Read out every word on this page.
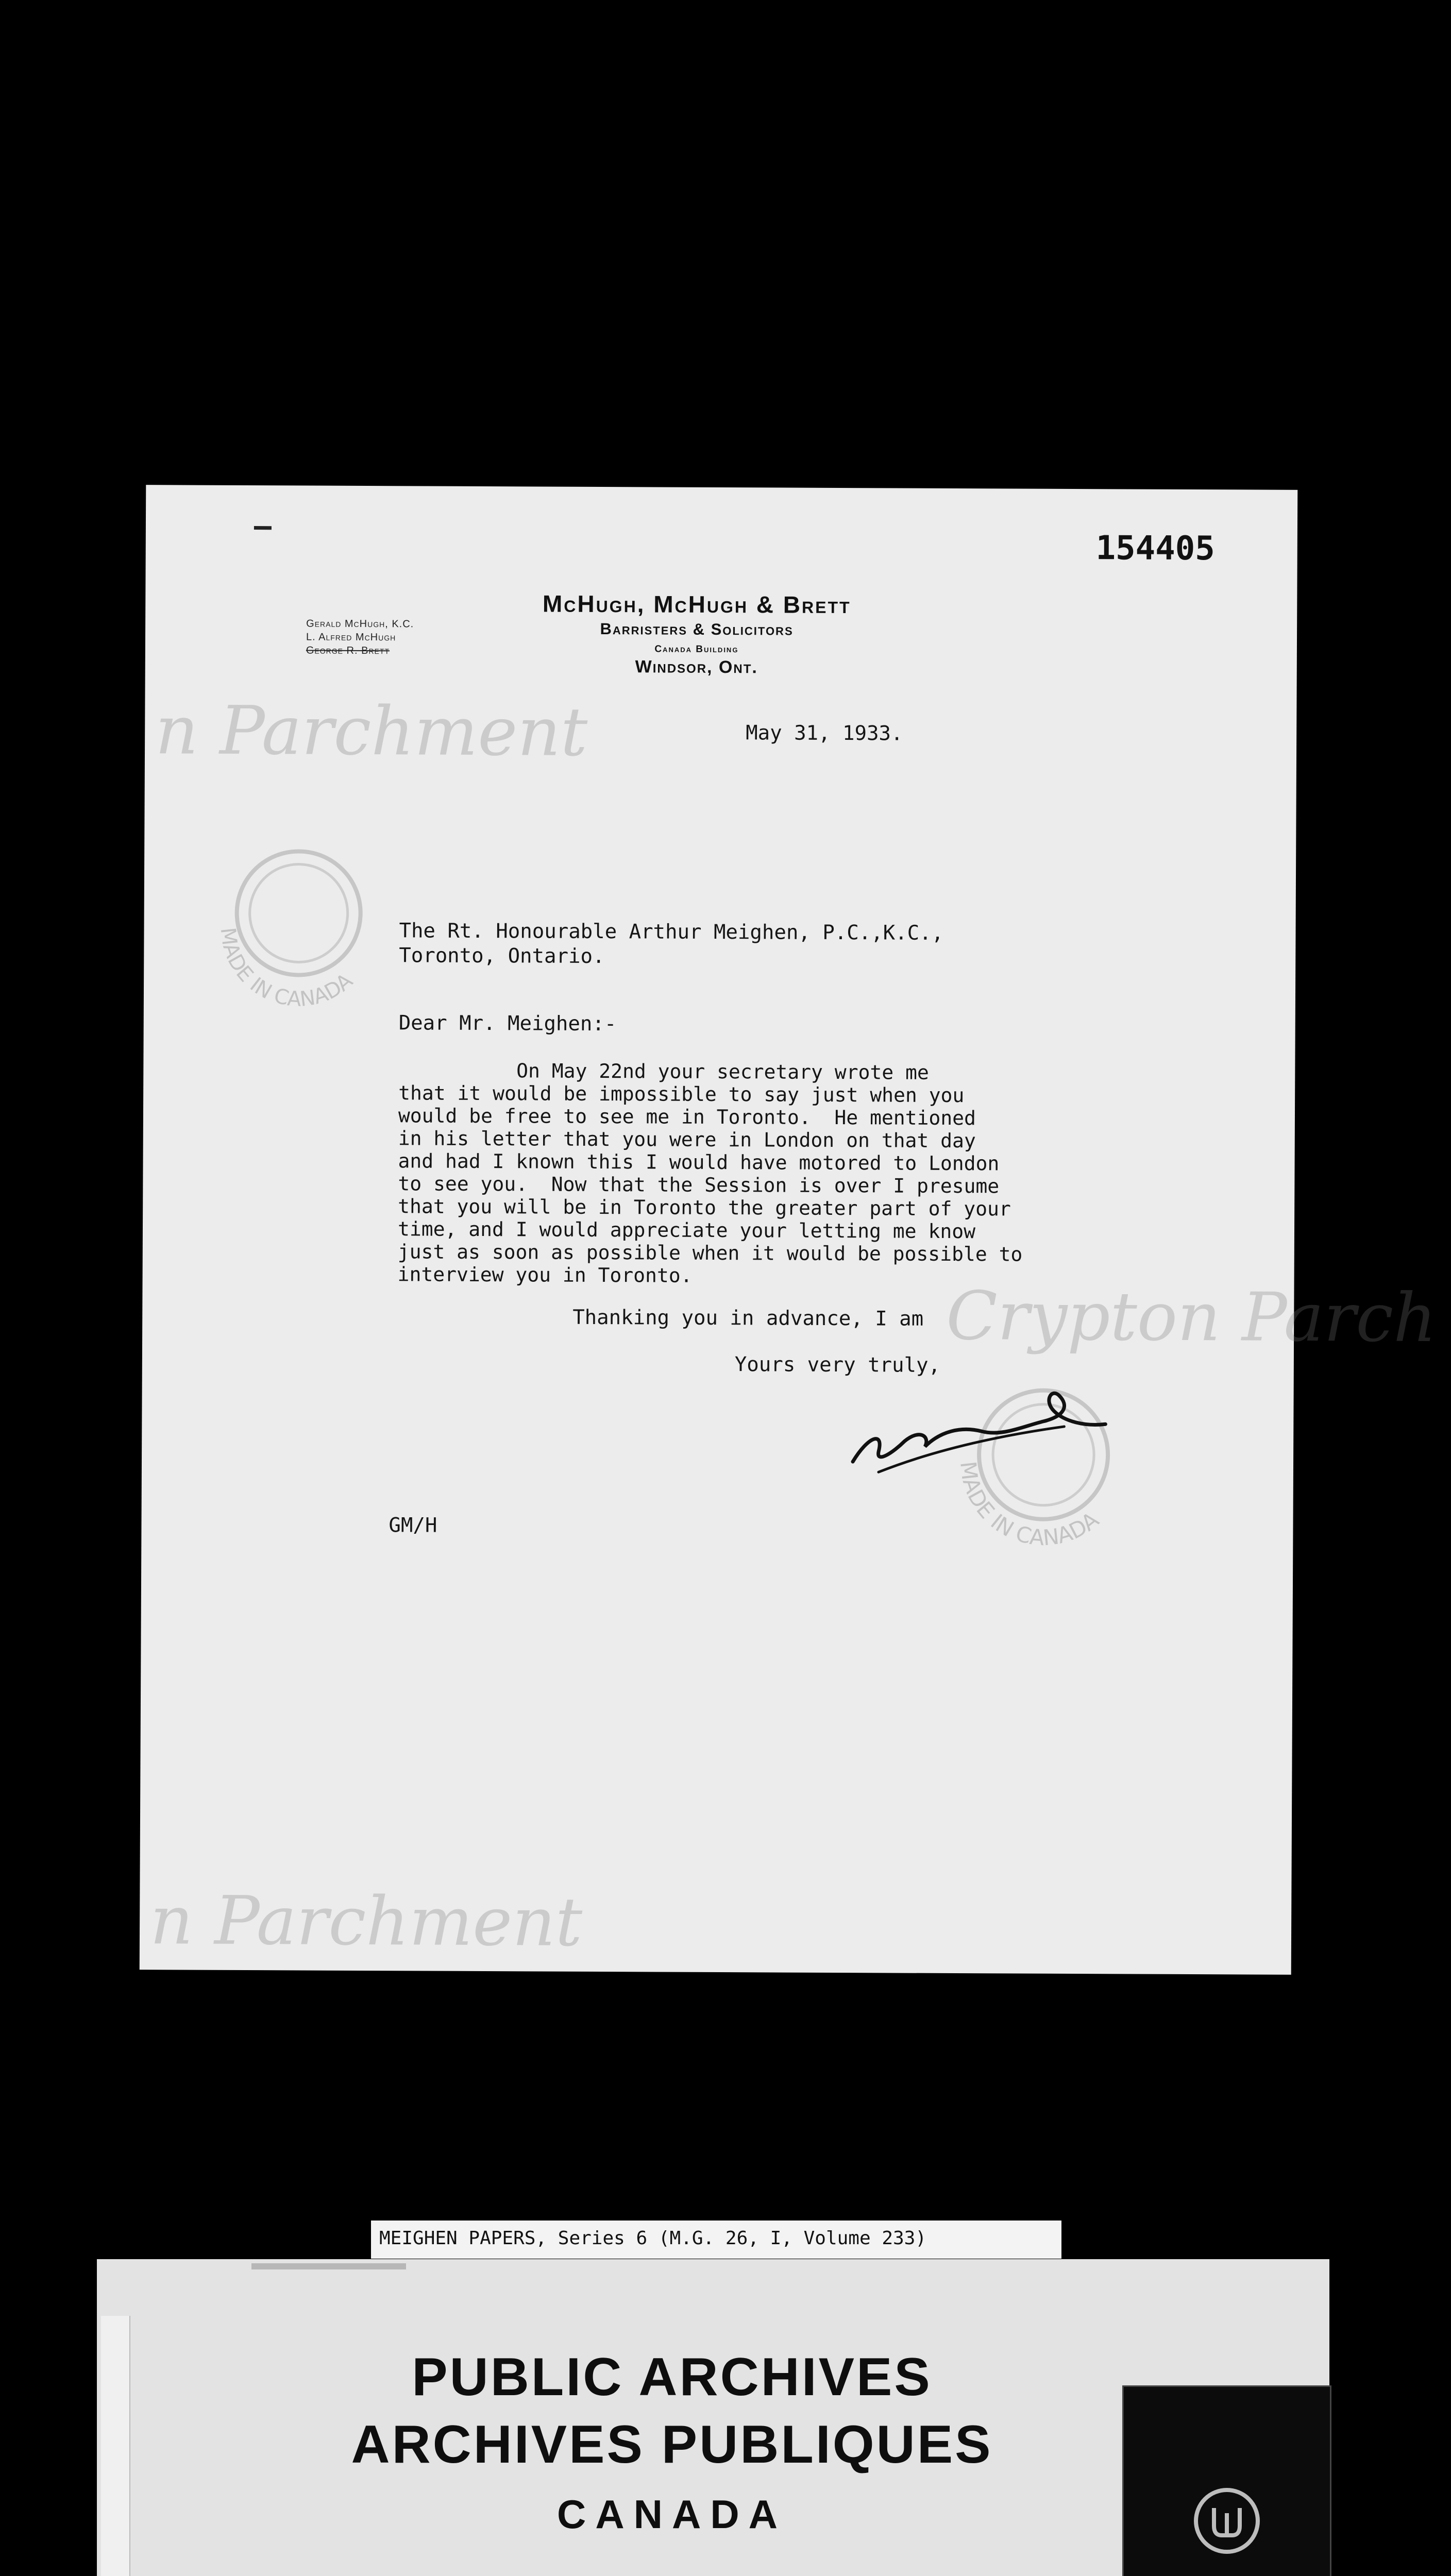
154405
Gerald McHugh, K.C.
L. Alfred McHugh
George R. Brett
McHugh, McHugh & Brett
Barristers & Solicitors
Canada Building
Windsor, Ont.
n Parchment
Crypton Parch
n Parchment
MADE IN CANADA
May 31, 1933.
The Rt. Honourable Arthur Meighen, P.C.,K.C.,
Toronto, Ontario.
Dear Mr. Meighen:-
On May 22nd your secretary wrote me
that it would be impossible to say just when you
would be free to see me in Toronto.  He mentioned
in his letter that you were in London on that day
and had I known this I would have motored to London
to see you.  Now that the Session is over I presume
that you will be in Toronto the greater part of your
time, and I would appreciate your letting me know
just as soon as possible when it would be possible to
interview you in Toronto.
Thanking you in advance, I am
Yours very truly,
MADE IN CANADA
GM/H
MEIGHEN PAPERS, Series 6 (M.G. 26, I, Volume 233)
PUBLIC ARCHIVES
ARCHIVES PUBLIQUES
CANADA
